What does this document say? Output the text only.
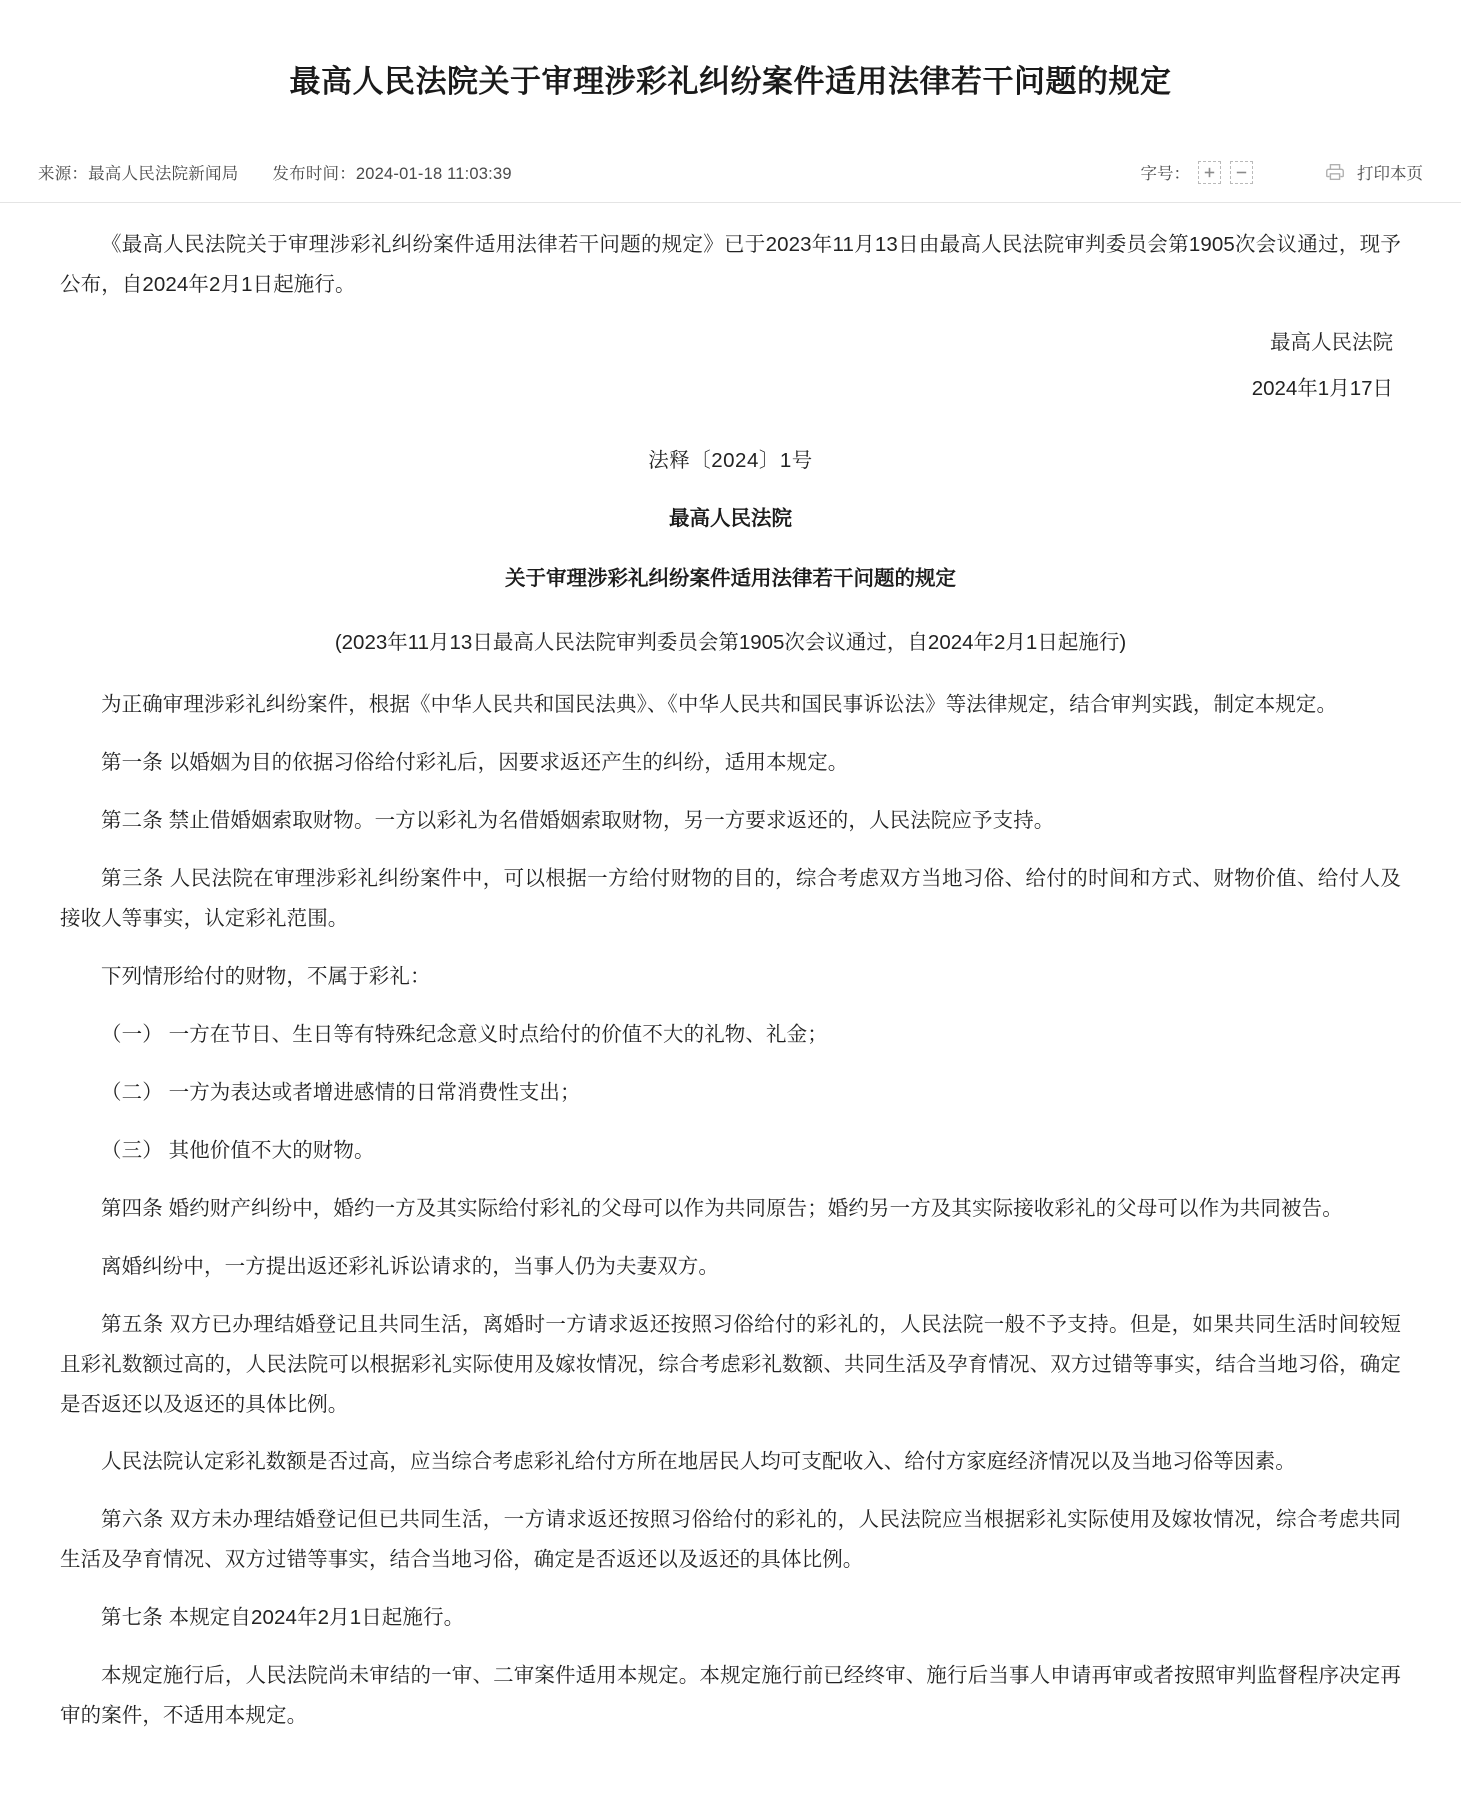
最高人民法院关于审理涉彩礼纠纷案件适用法律若干问题的规定
来源：最高人民法院新闻局 发布时间：2024-01-18 11:03:39	字号：	打印本页

《最高人民法院关于审理涉彩礼纠纷案件适用法律若干问题的规定》已于2023年11月13日由最高人民法院审判委员会第1905次会议通过，现予公布，自2024年2月1日起施行。

最高人民法院

2024年1月17日

法释〔2024〕1号

最高人民法院

关于审理涉彩礼纠纷案件适用法律若干问题的规定

(2023年11月13日最高人民法院审判委员会第1905次会议通过，自2024年2月1日起施行)

为正确审理涉彩礼纠纷案件，根据《中华人民共和国民法典》、《中华人民共和国民事诉讼法》等法律规定，结合审判实践，制定本规定。

第一条 以婚姻为目的依据习俗给付彩礼后，因要求返还产生的纠纷，适用本规定。

第二条 禁止借婚姻索取财物。一方以彩礼为名借婚姻索取财物，另一方要求返还的，人民法院应予支持。

第三条 人民法院在审理涉彩礼纠纷案件中，可以根据一方给付财物的目的，综合考虑双方当地习俗、给付的时间和方式、财物价值、给付人及接收人等事实，认定彩礼范围。

下列情形给付的财物，不属于彩礼：

（一） 一方在节日、生日等有特殊纪念意义时点给付的价值不大的礼物、礼金；

（二） 一方为表达或者增进感情的日常消费性支出；

（三） 其他价值不大的财物。

第四条 婚约财产纠纷中，婚约一方及其实际给付彩礼的父母可以作为共同原告；婚约另一方及其实际接收彩礼的父母可以作为共同被告。

离婚纠纷中，一方提出返还彩礼诉讼请求的，当事人仍为夫妻双方。

第五条 双方已办理结婚登记且共同生活，离婚时一方请求返还按照习俗给付的彩礼的，人民法院一般不予支持。但是，如果共同生活时间较短且彩礼数额过高的，人民法院可以根据彩礼实际使用及嫁妆情况，综合考虑彩礼数额、共同生活及孕育情况、双方过错等事实，结合当地习俗，确定是否返还以及返还的具体比例。

人民法院认定彩礼数额是否过高，应当综合考虑彩礼给付方所在地居民人均可支配收入、给付方家庭经济情况以及当地习俗等因素。

第六条 双方未办理结婚登记但已共同生活，一方请求返还按照习俗给付的彩礼的，人民法院应当根据彩礼实际使用及嫁妆情况，综合考虑共同生活及孕育情况、双方过错等事实，结合当地习俗，确定是否返还以及返还的具体比例。

第七条 本规定自2024年2月1日起施行。

本规定施行后，人民法院尚未审结的一审、二审案件适用本规定。本规定施行前已经终审、施行后当事人申请再审或者按照审判监督程序决定再审的案件，不适用本规定。
